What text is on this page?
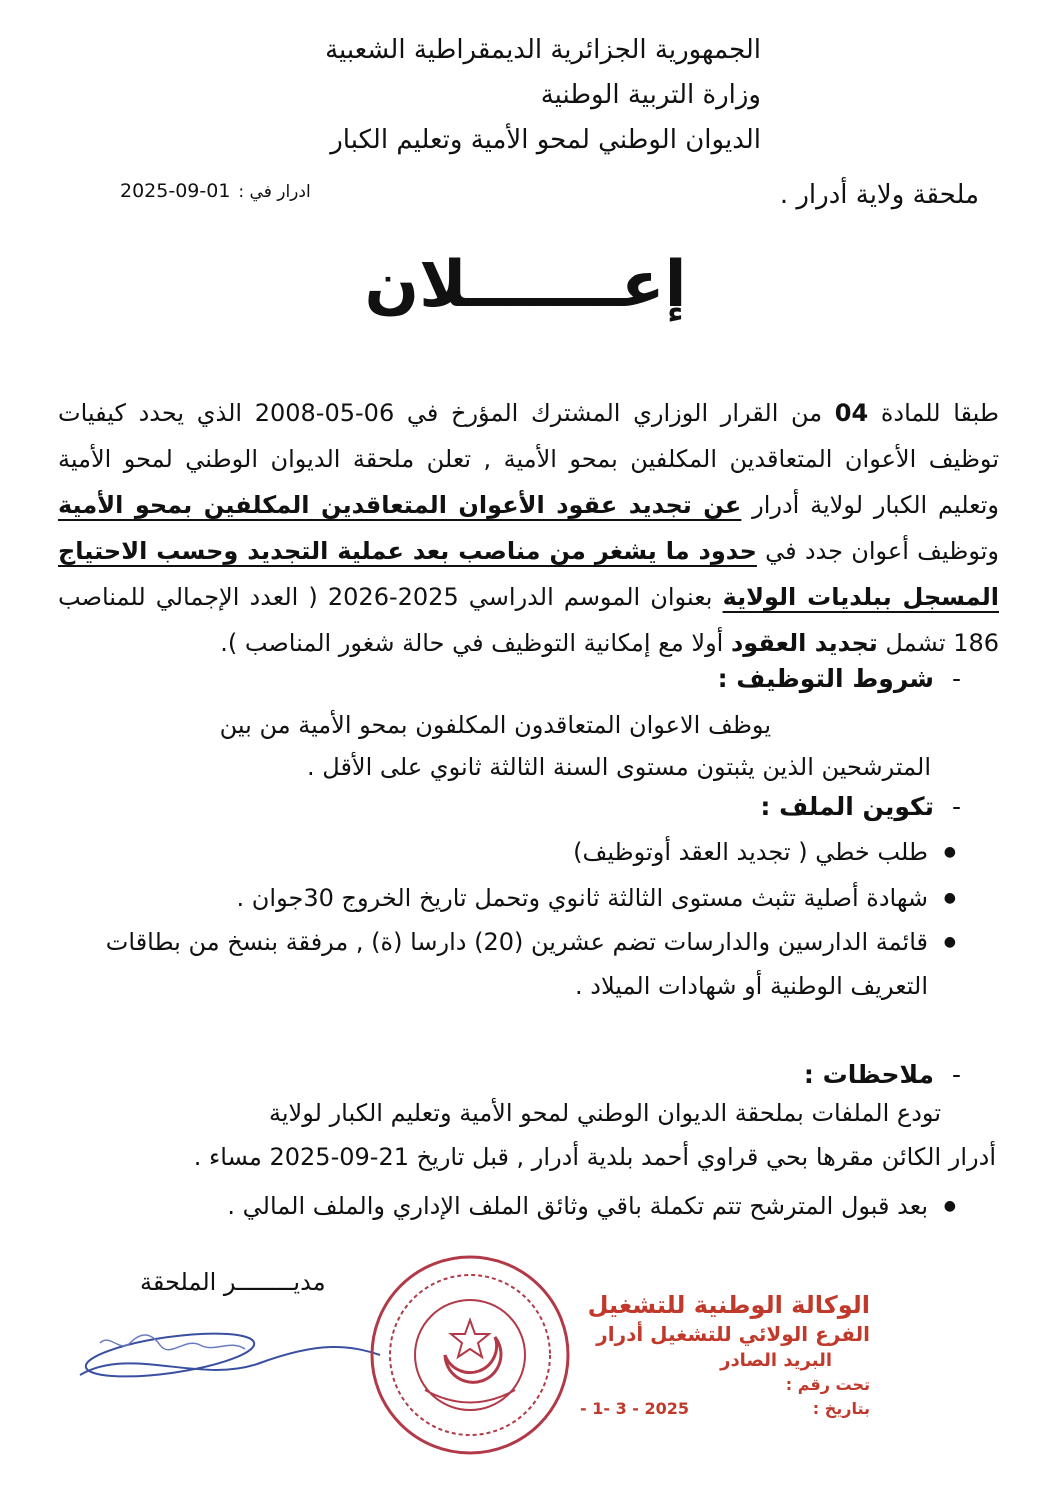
الجمهورية الجزائرية الديمقراطية الشعبية
وزارة التربية الوطنية
الديوان الوطني لمحو الأمية وتعليم الكبار
ملحقة ولاية أدرار .
ادرار في :
2025-09-01
إعـــــــلان

طبقا للمادة 04 من القرار الوزاري المشترك المؤرخ في 06-05-2008 الذي يحدد كيفيات توظيف الأعوان المتعاقدين المكلفين بمحو الأمية , تعلن ملحقة الديوان الوطني لمحو الأمية وتعليم الكبار لولاية أدرار عن تجديد عقود الأعوان المتعاقدين المكلفين بمحو الأمية وتوظيف أعوان جدد في حدود ما يشغر من مناصب بعد عملية التجديد وحسب الاحتياج المسجل ببلديات الولاية بعنوان الموسم الدراسي 2025-2026 ( العدد الإجمالي للمناصب 186 تشمل تجديد العقود أولا مع إمكانية التوظيف في حالة شغور المناصب ).

-شروط التوظيف :
يوظف الاعوان المتعاقدون المكلفون بمحو الأمية من بين
المترشحين الذين يثبتون مستوى السنة الثالثة ثانوي على الأقل .
-تكوين الملف :
● طلب خطي ( تجديد العقد أوتوظيف)
● شهادة أصلية تثبث مستوى الثالثة ثانوي وتحمل تاريخ الخروج 30جوان .
● قائمة الدارسين والدارسات تضم عشرين (20) دارسا (ة) , مرفقة بنسخ من بطاقات التعريف الوطنية أو شهادات الميلاد .
-ملاحظات :
تودع الملفات بملحقة الديوان الوطني لمحو الأمية وتعليم الكبار لولاية
أدرار الكائن مقرها بحي قراوي أحمد بلدية أدرار , قبل تاريخ 21-09-2025 مساء .
● بعد قبول المترشح تتم تكملة باقي وثائق الملف الإداري والملف المالي .
مديــــــــر الملحقة
الوكالة الوطنية للتشغيل
الفرع الولائي للتشغيل أدرار
البريد الصادر
تحت رقم :
بتاريخ :
2025 - 3 -1 -
